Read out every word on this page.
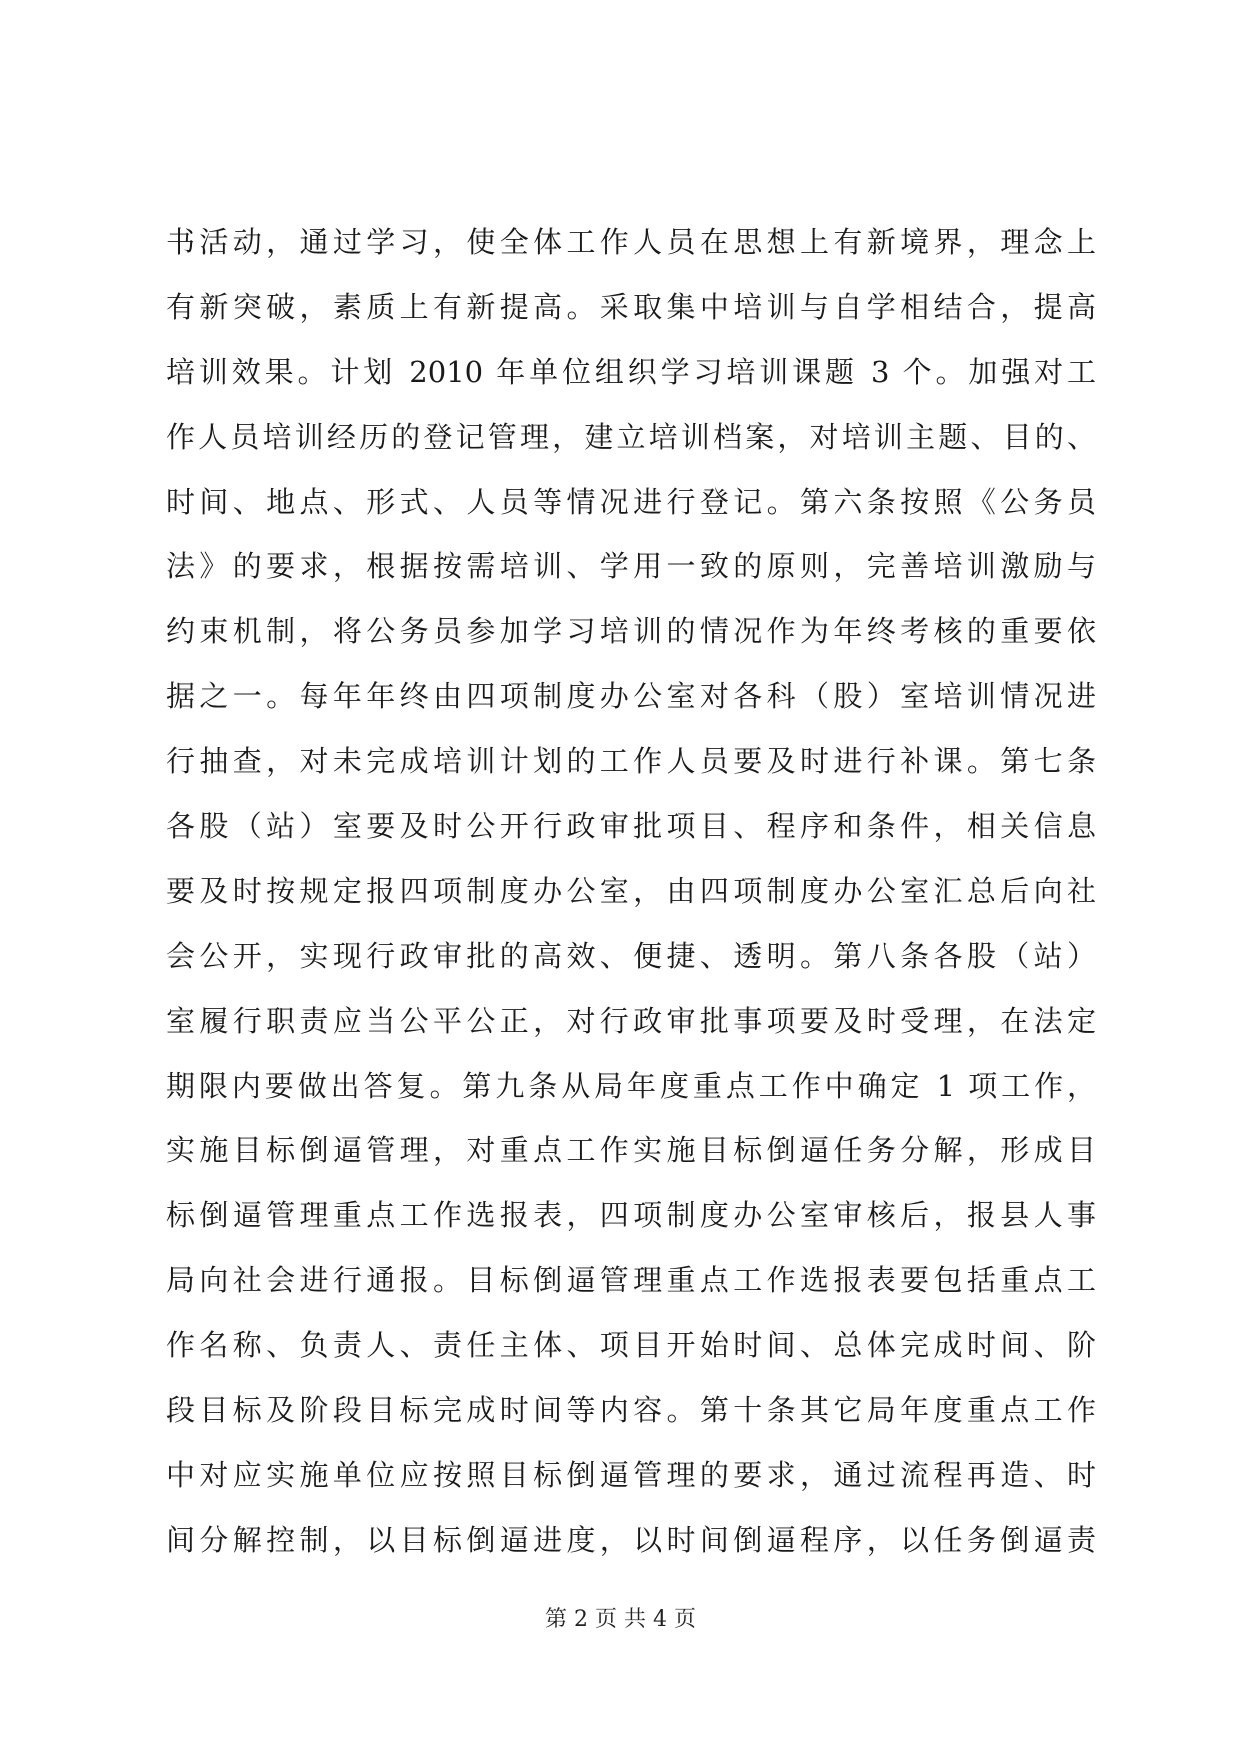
书活动，通过学习，使全体工作人员在思想上有新境界，理念上
有新突破，素质上有新提高。采取集中培训与自学相结合，提高
培训效果。计划 2010 年单位组织学习培训课题 3 个。加强对工
作人员培训经历的登记管理，建立培训档案，对培训主题、目的、
时间、地点、形式、人员等情况进行登记。第六条按照《公务员
法》的要求，根据按需培训、学用一致的原则，完善培训激励与
约束机制，将公务员参加学习培训的情况作为年终考核的重要依
据之一。每年年终由四项制度办公室对各科（股）室培训情况进
行抽查，对未完成培训计划的工作人员要及时进行补课。第七条
各股（站）室要及时公开行政审批项目、程序和条件，相关信息
要及时按规定报四项制度办公室，由四项制度办公室汇总后向社
会公开，实现行政审批的高效、便捷、透明。第八条各股（站）
室履行职责应当公平公正，对行政审批事项要及时受理，在法定
期限内要做出答复。第九条从局年度重点工作中确定 1 项工作，
实施目标倒逼管理，对重点工作实施目标倒逼任务分解，形成目
标倒逼管理重点工作选报表，四项制度办公室审核后，报县人事
局向社会进行通报。目标倒逼管理重点工作选报表要包括重点工
作名称、负责人、责任主体、项目开始时间、总体完成时间、阶
段目标及阶段目标完成时间等内容。第十条其它局年度重点工作
中对应实施单位应按照目标倒逼管理的要求，通过流程再造、时
间分解控制，以目标倒逼进度，以时间倒逼程序，以任务倒逼责
第 2 页 共 4 页
